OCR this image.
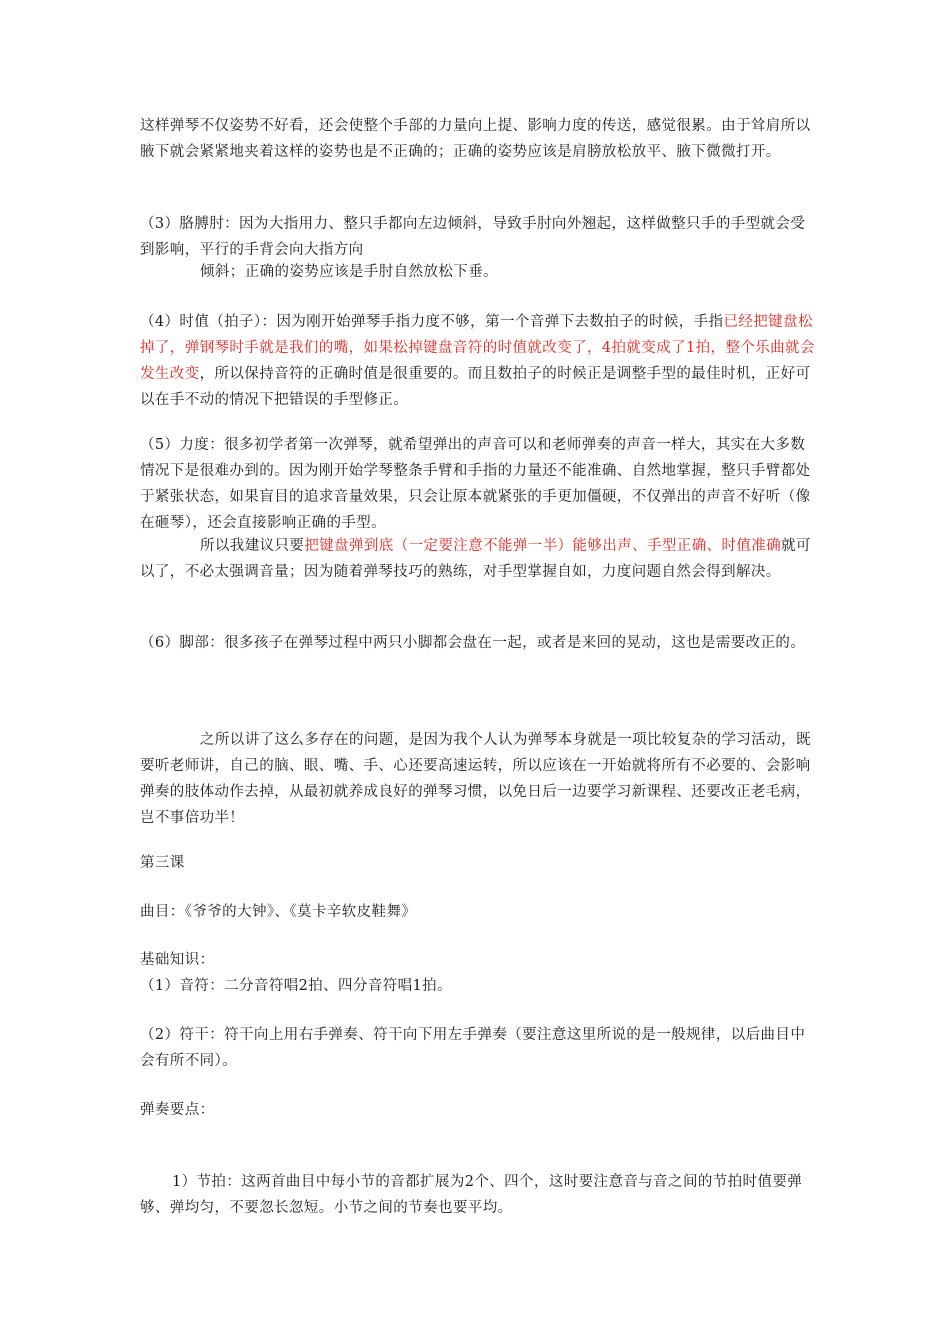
这样弹琴不仅姿势不好看，还会使整个手部的力量向上提、影响力度的传送，感觉很累。由于耸肩所以腋下就会紧紧地夹着这样的姿势也是不正确的；正确的姿势应该是肩膀放松放平、腋下微微打开。

（3）胳膊肘：因为大指用力、整只手都向左边倾斜，导致手肘向外翘起，这样做整只手的手型就会受到影响，平行的手背会向大指方向

倾斜；正确的姿势应该是手肘自然放松下垂。

（4）时值（拍子）：因为刚开始弹琴手指力度不够，第一个音弹下去数拍子的时候，手指已经把键盘松掉了，弹钢琴时手就是我们的嘴，如果松掉键盘音符的时值就改变了，4拍就变成了1拍，整个乐曲就会发生改变，所以保持音符的正确时值是很重要的。而且数拍子的时候正是调整手型的最佳时机，正好可以在手不动的情况下把错误的手型修正。

（5）力度：很多初学者第一次弹琴，就希望弹出的声音可以和老师弹奏的声音一样大，其实在大多数情况下是很难办到的。因为刚开始学琴整条手臂和手指的力量还不能准确、自然地掌握，整只手臂都处于紧张状态，如果盲目的追求音量效果，只会让原本就紧张的手更加僵硬，不仅弹出的声音不好听（像在砸琴），还会直接影响正确的手型。

所以我建议只要把键盘弹到底（一定要注意不能弹一半）能够出声、手型正确、时值准确就可以了，不必太强调音量；因为随着弹琴技巧的熟练，对手型掌握自如，力度问题自然会得到解决。

（6）脚部：很多孩子在弹琴过程中两只小脚都会盘在一起，或者是来回的晃动，这也是需要改正的。

之所以讲了这么多存在的问题，是因为我个人认为弹琴本身就是一项比较复杂的学习活动，既要听老师讲，自己的脑、眼、嘴、手、心还要高速运转，所以应该在一开始就将所有不必要的、会影响弹奏的肢体动作去掉，从最初就养成良好的弹琴习惯，以免日后一边要学习新课程、还要改正老毛病，岂不事倍功半！

第三课

曲目：《爷爷的大钟》、《莫卡辛软皮鞋舞》

基础知识：

（1）音符：二分音符唱2拍、四分音符唱1拍。

（2）符干：符干向上用右手弹奏、符干向下用左手弹奏（要注意这里所说的是一般规律，以后曲目中会有所不同）。

弹奏要点：

1）节拍：这两首曲目中每小节的音都扩展为2个、四个，这时要注意音与音之间的节拍时值要弹够、弹均匀，不要忽长忽短。小节之间的节奏也要平均。
